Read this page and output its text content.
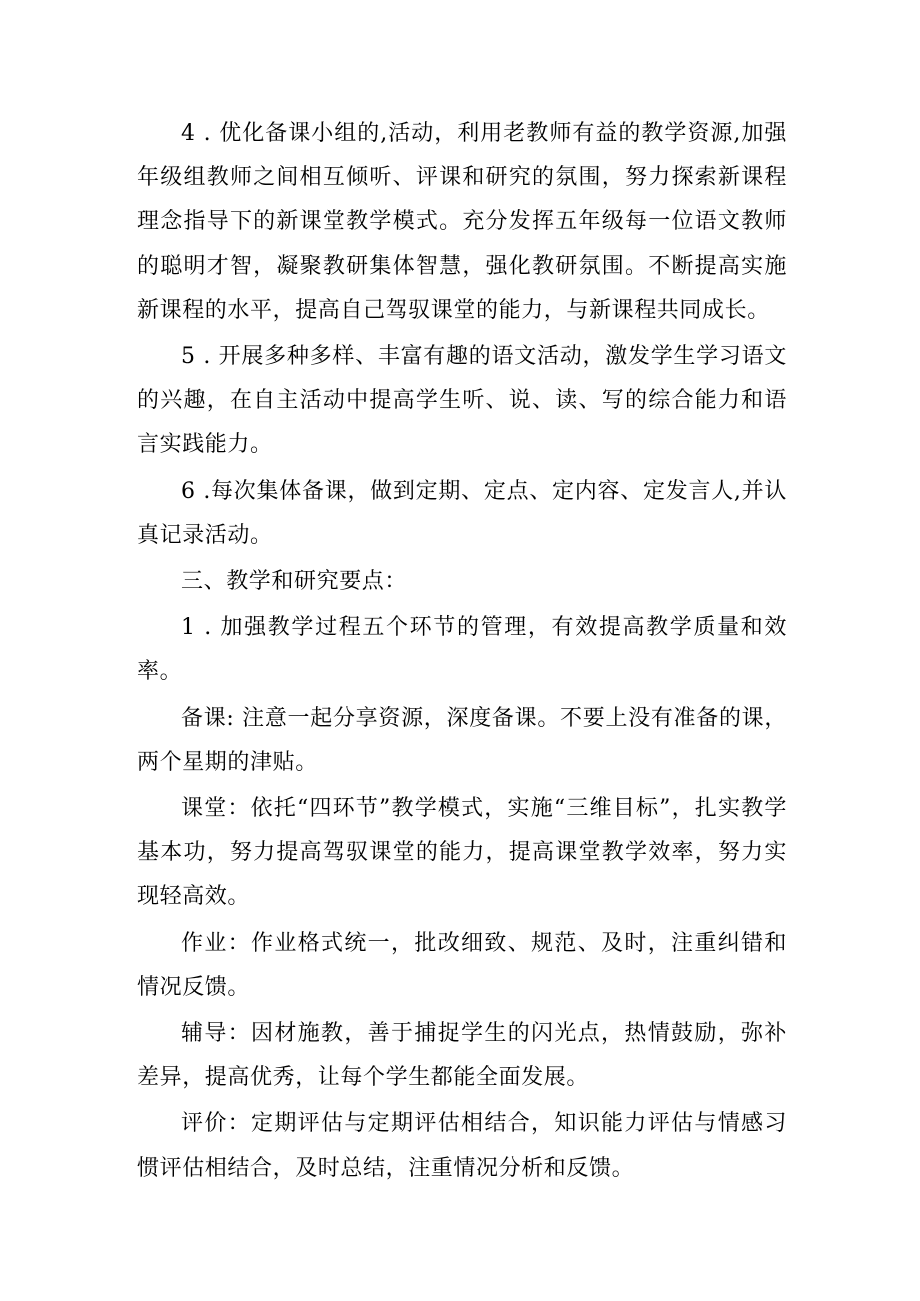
4 . 优化备课小组的,活动，利用老教师有益的教学资源,加强年级组教师之间相互倾听、评课和研究的氛围，努力探索新课程理念指导下的新课堂教学模式。充分发挥五年级每一位语文教师的聪明才智，凝聚教研集体智慧，强化教研氛围。不断提高实施新课程的水平，提高自己驾驭课堂的能力，与新课程共同成长。

5 . 开展多种多样、丰富有趣的语文活动，激发学生学习语文的兴趣，在自主活动中提高学生听、说、读、写的综合能力和语言实践能力。

6 .每次集体备课，做到定期、定点、定内容、定发言人,并认真记录活动。

三、教学和研究要点：

1 . 加强教学过程五个环节的管理，有效提高教学质量和效率。

备课: 注意一起分享资源，深度备课。不要上没有准备的课，两个星期的津贴。

课堂：依托“四环节”教学模式，实施“三维目标”，扎实教学基本功，努力提高驾驭课堂的能力，提高课堂教学效率，努力实现轻高效。

作业：作业格式统一，批改细致、规范、及时，注重纠错和情况反馈。

辅导：因材施教，善于捕捉学生的闪光点，热情鼓励，弥补差异，提高优秀，让每个学生都能全面发展。

评价：定期评估与定期评估相结合，知识能力评估与情感习惯评估相结合，及时总结，注重情况分析和反馈。
